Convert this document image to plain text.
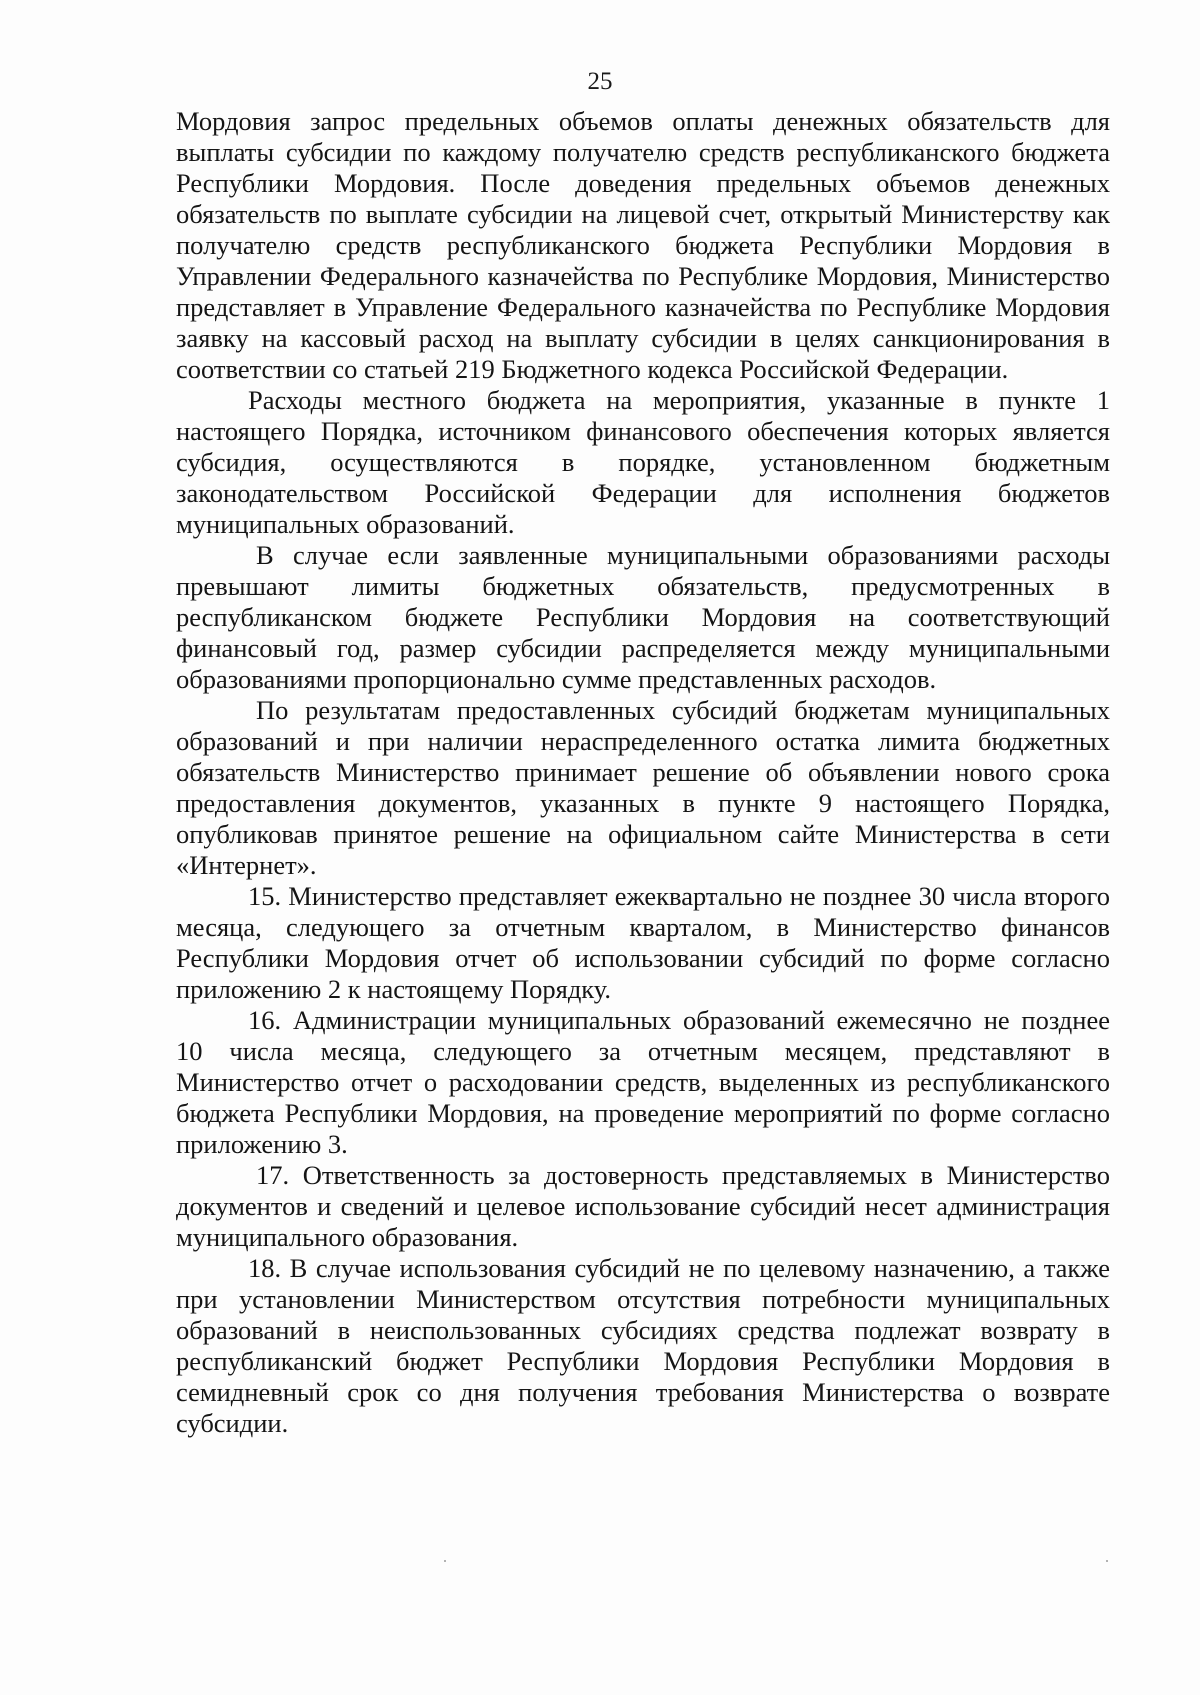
25

Мордовия запрос предельных объемов оплаты денежных обязательств для выплаты субсидии по каждому получателю средств республиканского бюджета Республики Мордовия. После доведения предельных объемов денежных обязательств по выплате субсидии на лицевой счет, открытый Министерству как получателю средств республиканского бюджета Республики Мордовия в Управлении Федерального казначейства по Республике Мордовия, Министерство представляет в Управление Федерального казначейства по Республике Мордовия заявку на кассовый расход на выплату субсидии в целях санкционирования в соответствии со статьей 219 Бюджетного кодекса Российской Федерации.

Расходы местного бюджета на мероприятия, указанные в пункте 1 настоящего Порядка, источником финансового обеспечения которых является субсидия, осуществляются в порядке, установленном бюджетным законодательством Российской Федерации для исполнения бюджетов муниципальных образований.

В случае если заявленные муниципальными образованиями расходы превышают лимиты бюджетных обязательств, предусмотренных в республиканском бюджете Республики Мордовия на соответствующий финансовый год, размер субсидии распределяется между муниципальными образованиями пропорционально сумме представленных расходов.

По результатам предоставленных субсидий бюджетам муниципальных образований и при наличии нераспределенного остатка лимита бюджетных обязательств Министерство принимает решение об объявлении нового срока предоставления документов, указанных в пункте 9 настоящего Порядка, опубликовав принятое решение на официальном сайте Министерства в сети «Интернет».

15. Министерство представляет ежеквартально не позднее 30 числа второго месяца, следующего за отчетным кварталом, в Министерство финансов Республики Мордовия отчет об использовании субсидий по форме согласно приложению 2 к настоящему Порядку.

16. Администрации муниципальных образований ежемесячно не позднее 10 числа месяца, следующего за отчетным месяцем, представляют в Министерство отчет о расходовании средств, выделенных из республиканского бюджета Республики Мордовия, на проведение мероприятий по форме согласно приложению 3.

17. Ответственность за достоверность представляемых в Министерство документов и сведений и целевое использование субсидий несет администрация муниципального образования.

18. В случае использования субсидий не по целевому назначению, а также при установлении Министерством отсутствия потребности муниципальных образований в неиспользованных субсидиях средства подлежат возврату в республиканский бюджет Республики Мордовия Республики Мордовия в семидневный срок со дня получения требования Министерства о возврате субсидии.
